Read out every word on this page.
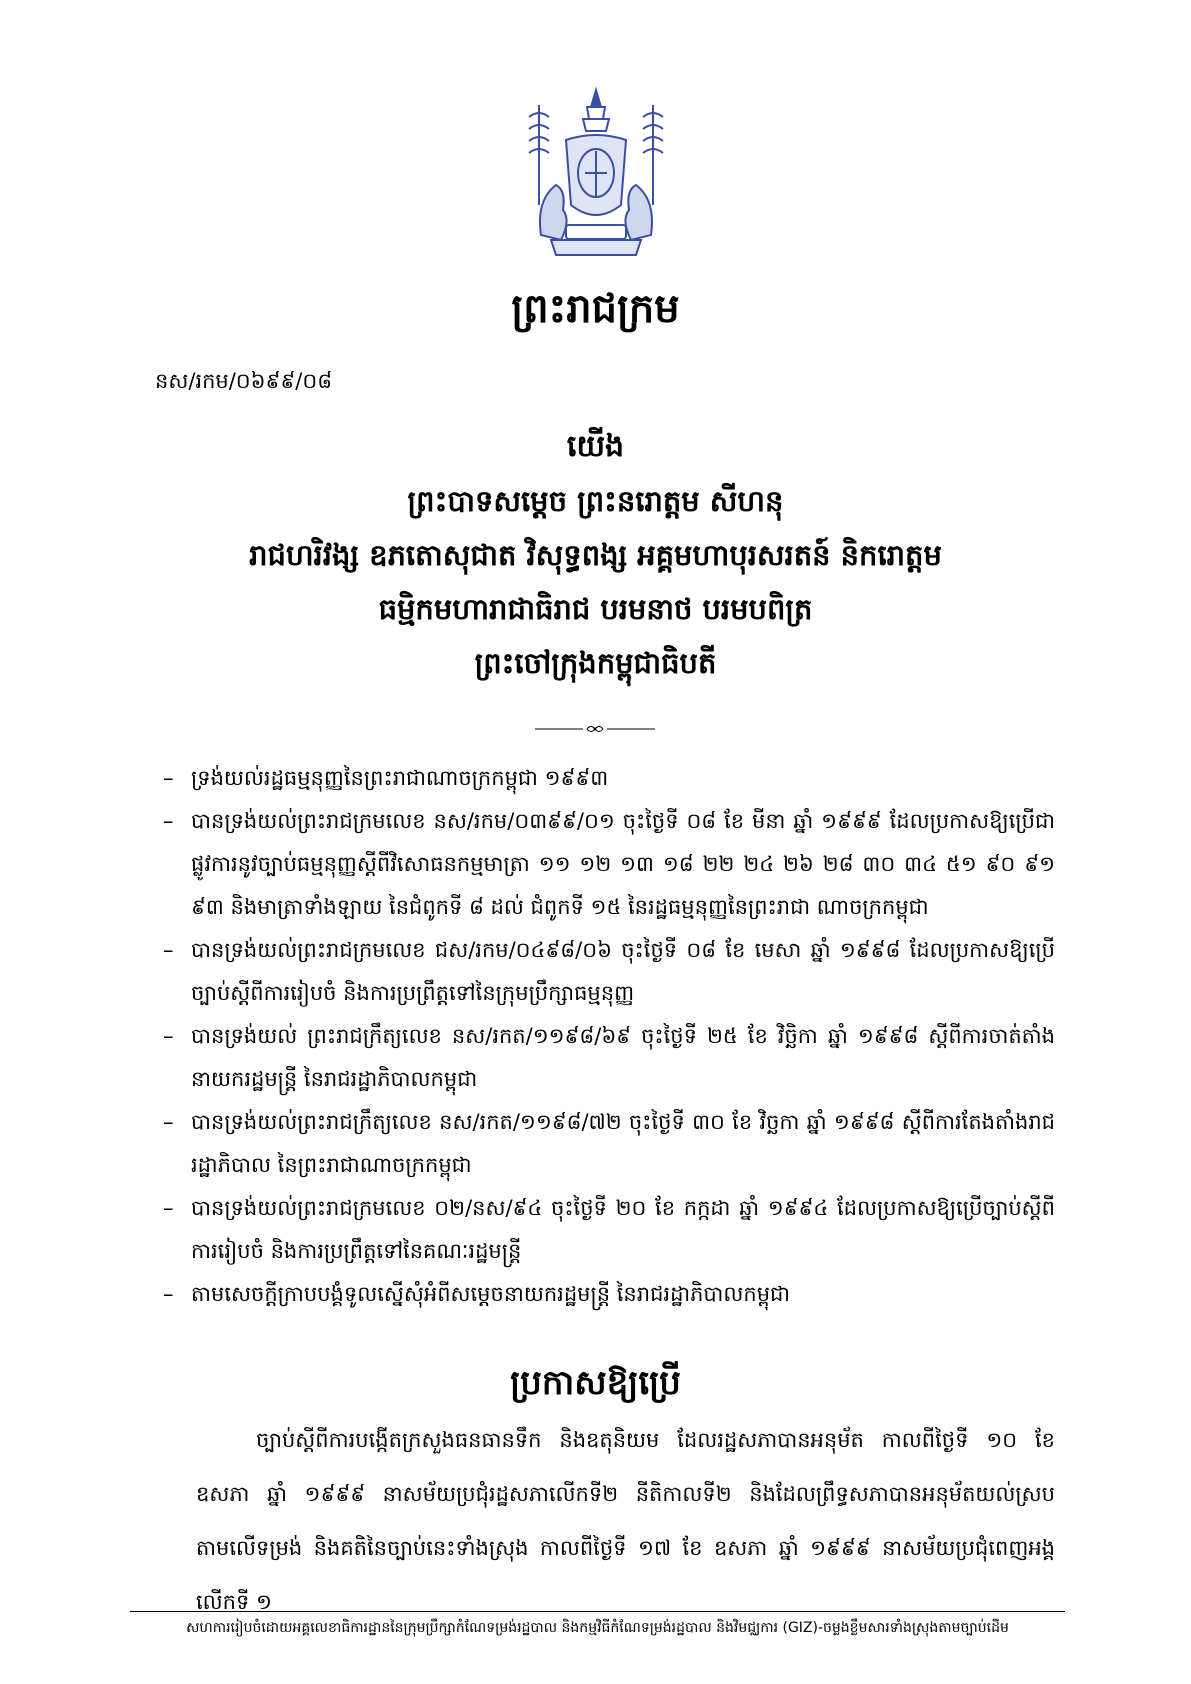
ព្រះរាជក្រម
នស/រកម/០៦៩៩/០៨
យើង
ព្រះបាទសម្តេច ព្រះនរោត្តម សីហនុ
រាជហរិវង្ស ឧភតោសុជាត វិសុទ្ធពង្ស អគ្គមហាបុរសរតន៍ និករោត្តម
ធម្មិកមហារាជាធិរាជ បរមនាថ បរមបពិត្រ
ព្រះចៅក្រុងកម្ពុជាធិបតី
– ទ្រង់យល់រដ្ឋធម្មនុញ្ញនៃព្រះរាជាណាចក្រកម្ពុជា ១៩៩៣
– បានទ្រង់យល់ព្រះរាជក្រមលេខ នស/រកម/០៣៩៩/០១ ចុះថ្ងៃទី ០៨ ខែ មីនា ឆ្នាំ ១៩៩៩ ដែលប្រកាសឱ្យប្រើជាផ្លូវការនូវច្បាប់ធម្មនុញ្ញស្តីពីវិសោធនកម្មមាត្រា ១១ ១២ ១៣ ១៨ ២២ ២៤ ២៦ ២៨ ៣០ ៣៤ ៥១ ៩០ ៩១ ៩៣ និងមាត្រាទាំងឡាយ នៃជំពូកទី ៨ ដល់ ជំពូកទី ១៥ នៃរដ្ឋធម្មនុញ្ញនៃព្រះរាជា ណាចក្រកម្ពុជា
– បានទ្រង់យល់ព្រះរាជក្រមលេខ ជស/រកម/០៤៩៨/០៦ ចុះថ្ងៃទី ០៨ ខែ មេសា ឆ្នាំ ១៩៩៨ ដែលប្រកាសឱ្យប្រើច្បាប់ស្តីពីការរៀបចំ និងការប្រព្រឹត្តទៅនៃក្រុមប្រឹក្សាធម្មនុញ្ញ
– បានទ្រង់យល់ ព្រះរាជក្រឹត្យលេខ នស/រកត/១១៩៨/៦៩ ចុះថ្ងៃទី ២៥ ខែ វិច្ឆិកា ឆ្នាំ ១៩៩៨ ស្តីពីការចាត់តាំងនាយករដ្ឋមន្ត្រី នៃរាជរដ្ឋាភិបាលកម្ពុជា
– បានទ្រង់យល់ព្រះរាជក្រឹត្យលេខ នស/រកត/១១៩៨/៧២ ចុះថ្ងៃទី ៣០ ខែ វិច្ឆកា ឆ្នាំ ១៩៩៨ ស្តីពីការតែងតាំងរាជរដ្ឋាភិបាល នៃព្រះរាជាណាចក្រកម្ពុជា
– បានទ្រង់យល់ព្រះរាជក្រមលេខ ០២/នស/៩៤ ចុះថ្ងៃទី ២០ ខែ កក្កដា ឆ្នាំ ១៩៩៤ ដែលប្រកាសឱ្យប្រើច្បាប់ស្តីពីការរៀបចំ និងការប្រព្រឹត្តទៅនៃគណៈរដ្ឋមន្ត្រី
– តាមសេចក្តីក្រាបបង្គំទូលស្នើសុំអំពីសម្តេចនាយករដ្ឋមន្ត្រី នៃរាជរដ្ឋាភិបាលកម្ពុជា
ប្រកាសឱ្យប្រើ
ច្បាប់ស្តីពីការបង្កើតក្រសួងធនធានទឹក និងឧតុនិយម ដែលរដ្ឋសភាបានអនុម័ត កាលពីថ្ងៃទី ១០ ខែ ឧសភា ឆ្នាំ ១៩៩៩ នាសម័យប្រជុំរដ្ឋសភាលើកទី២ នីតិកាលទី២ និងដែលព្រឹទ្ធសភាបានអនុម័តយល់ស្របតាមលើទម្រង់ និងគតិនៃច្បាប់នេះទាំងស្រុង កាលពីថ្ងៃទី ១៧ ខែ ឧសភា ឆ្នាំ ១៩៩៩ នាសម័យប្រជុំពេញអង្គលើកទី ១
សហការរៀបចំដោយអគ្គលេខាធិការដ្ឋាននៃក្រុមប្រឹក្សាកំណែទម្រង់រដ្ឋបាល និងកម្មវិធីកំណែទម្រង់រដ្ឋបាល និងវិមជ្ឈការ (GIZ)-ចម្លងខ្លឹមសារទាំងស្រុងតាមច្បាប់ដើម
